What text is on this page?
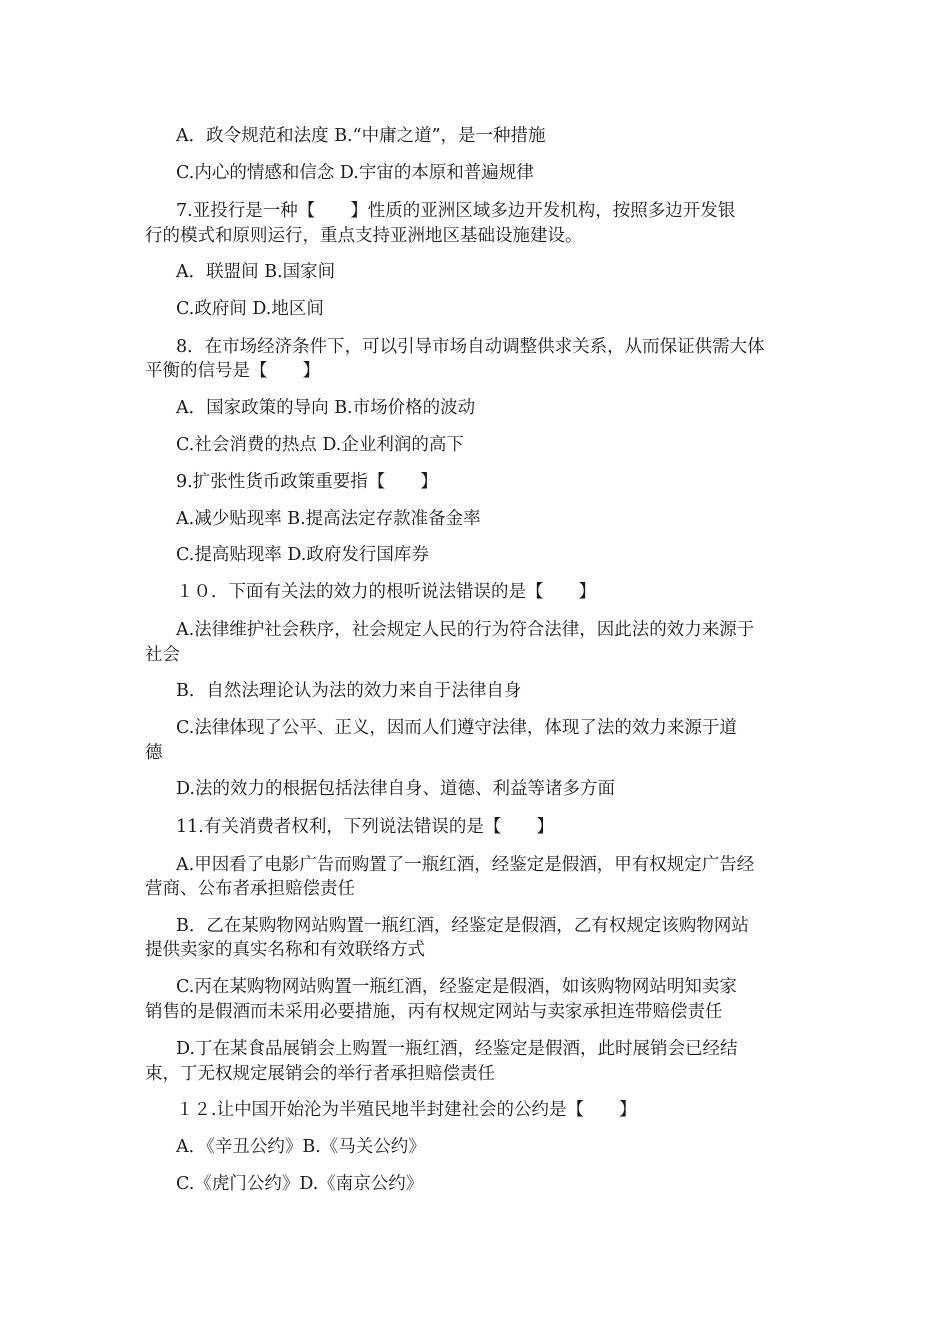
A．政令规范和法度 B.“中庸之道”，是一种措施
C.内心的情感和信念 D.宇宙的本原和普遍规律
7.亚投行是一种【　　】性质的亚洲区域多边开发机构，按照多边开发银
行的模式和原则运行，重点支持亚洲地区基础设施建设。
A．联盟间 B.国家间
C.政府间 D.地区间
8．在市场经济条件下，可以引导市场自动调整供求关系，从而保证供需大体
平衡的信号是【　　】
A．国家政策的导向 B.市场价格的波动
C.社会消费的热点 D.企业利润的高下
9.扩张性货币政策重要指【　　】
A.减少贴现率 B.提高法定存款准备金率
C.提高贴现率 D.政府发行国库券
１０．下面有关法的效力的根听说法错误的是【　　】
A.法律维护社会秩序，社会规定人民的行为符合法律，因此法的效力来源于
社会
B．自然法理论认为法的效力来自于法律自身
C.法律体现了公平、正义，因而人们遵守法律，体现了法的效力来源于道
德
D.法的效力的根据包括法律自身、道德、利益等诸多方面
11.有关消费者权利，下列说法错误的是【　　】
A.甲因看了电影广告而购置了一瓶红酒，经鉴定是假酒，甲有权规定广告经
营商、公布者承担赔偿责任
B．乙在某购物网站购置一瓶红酒，经鉴定是假酒，乙有权规定该购物网站
提供卖家的真实名称和有效联络方式
C.丙在某购物网站购置一瓶红酒，经鉴定是假酒，如该购物网站明知卖家
销售的是假酒而未采用必要措施，丙有权规定网站与卖家承担连带赔偿责任
D.丁在某食品展销会上购置一瓶红酒，经鉴定是假酒，此时展销会已经结
束，丁无权规定展销会的举行者承担赔偿责任
１２.让中国开始沦为半殖民地半封建社会的公约是【　　】
A．《辛丑公约》B.《马关公约》
C.《虎门公约》D.《南京公约》
